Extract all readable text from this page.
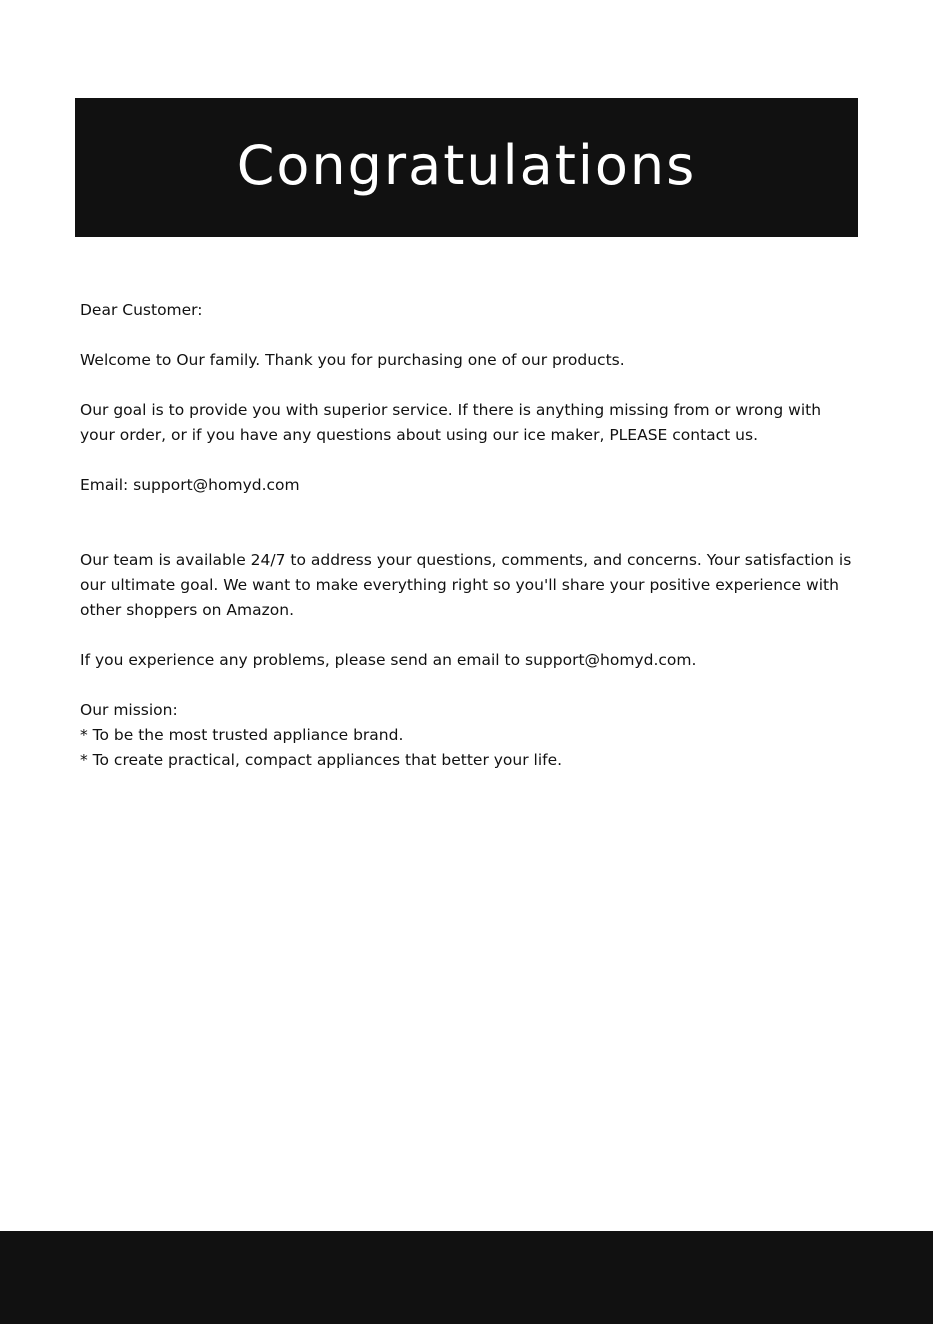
Congratulations

Dear Customer:

Welcome to Our family. Thank you for purchasing one of our products.

Our goal is to provide you with superior service. If there is anything missing from or wrong with your order, or if you have any questions about using our ice maker, PLEASE contact us.

Email: support@homyd.com

Our team is available 24/7 to address your questions, comments, and concerns. Your satisfaction is our ultimate goal. We want to make everything right so you'll share your positive experience with other shoppers on Amazon.

If you experience any problems, please send an email to support@homyd.com.

Our mission:
* To be the most trusted appliance brand.
* To create practical, compact appliances that better your life.
